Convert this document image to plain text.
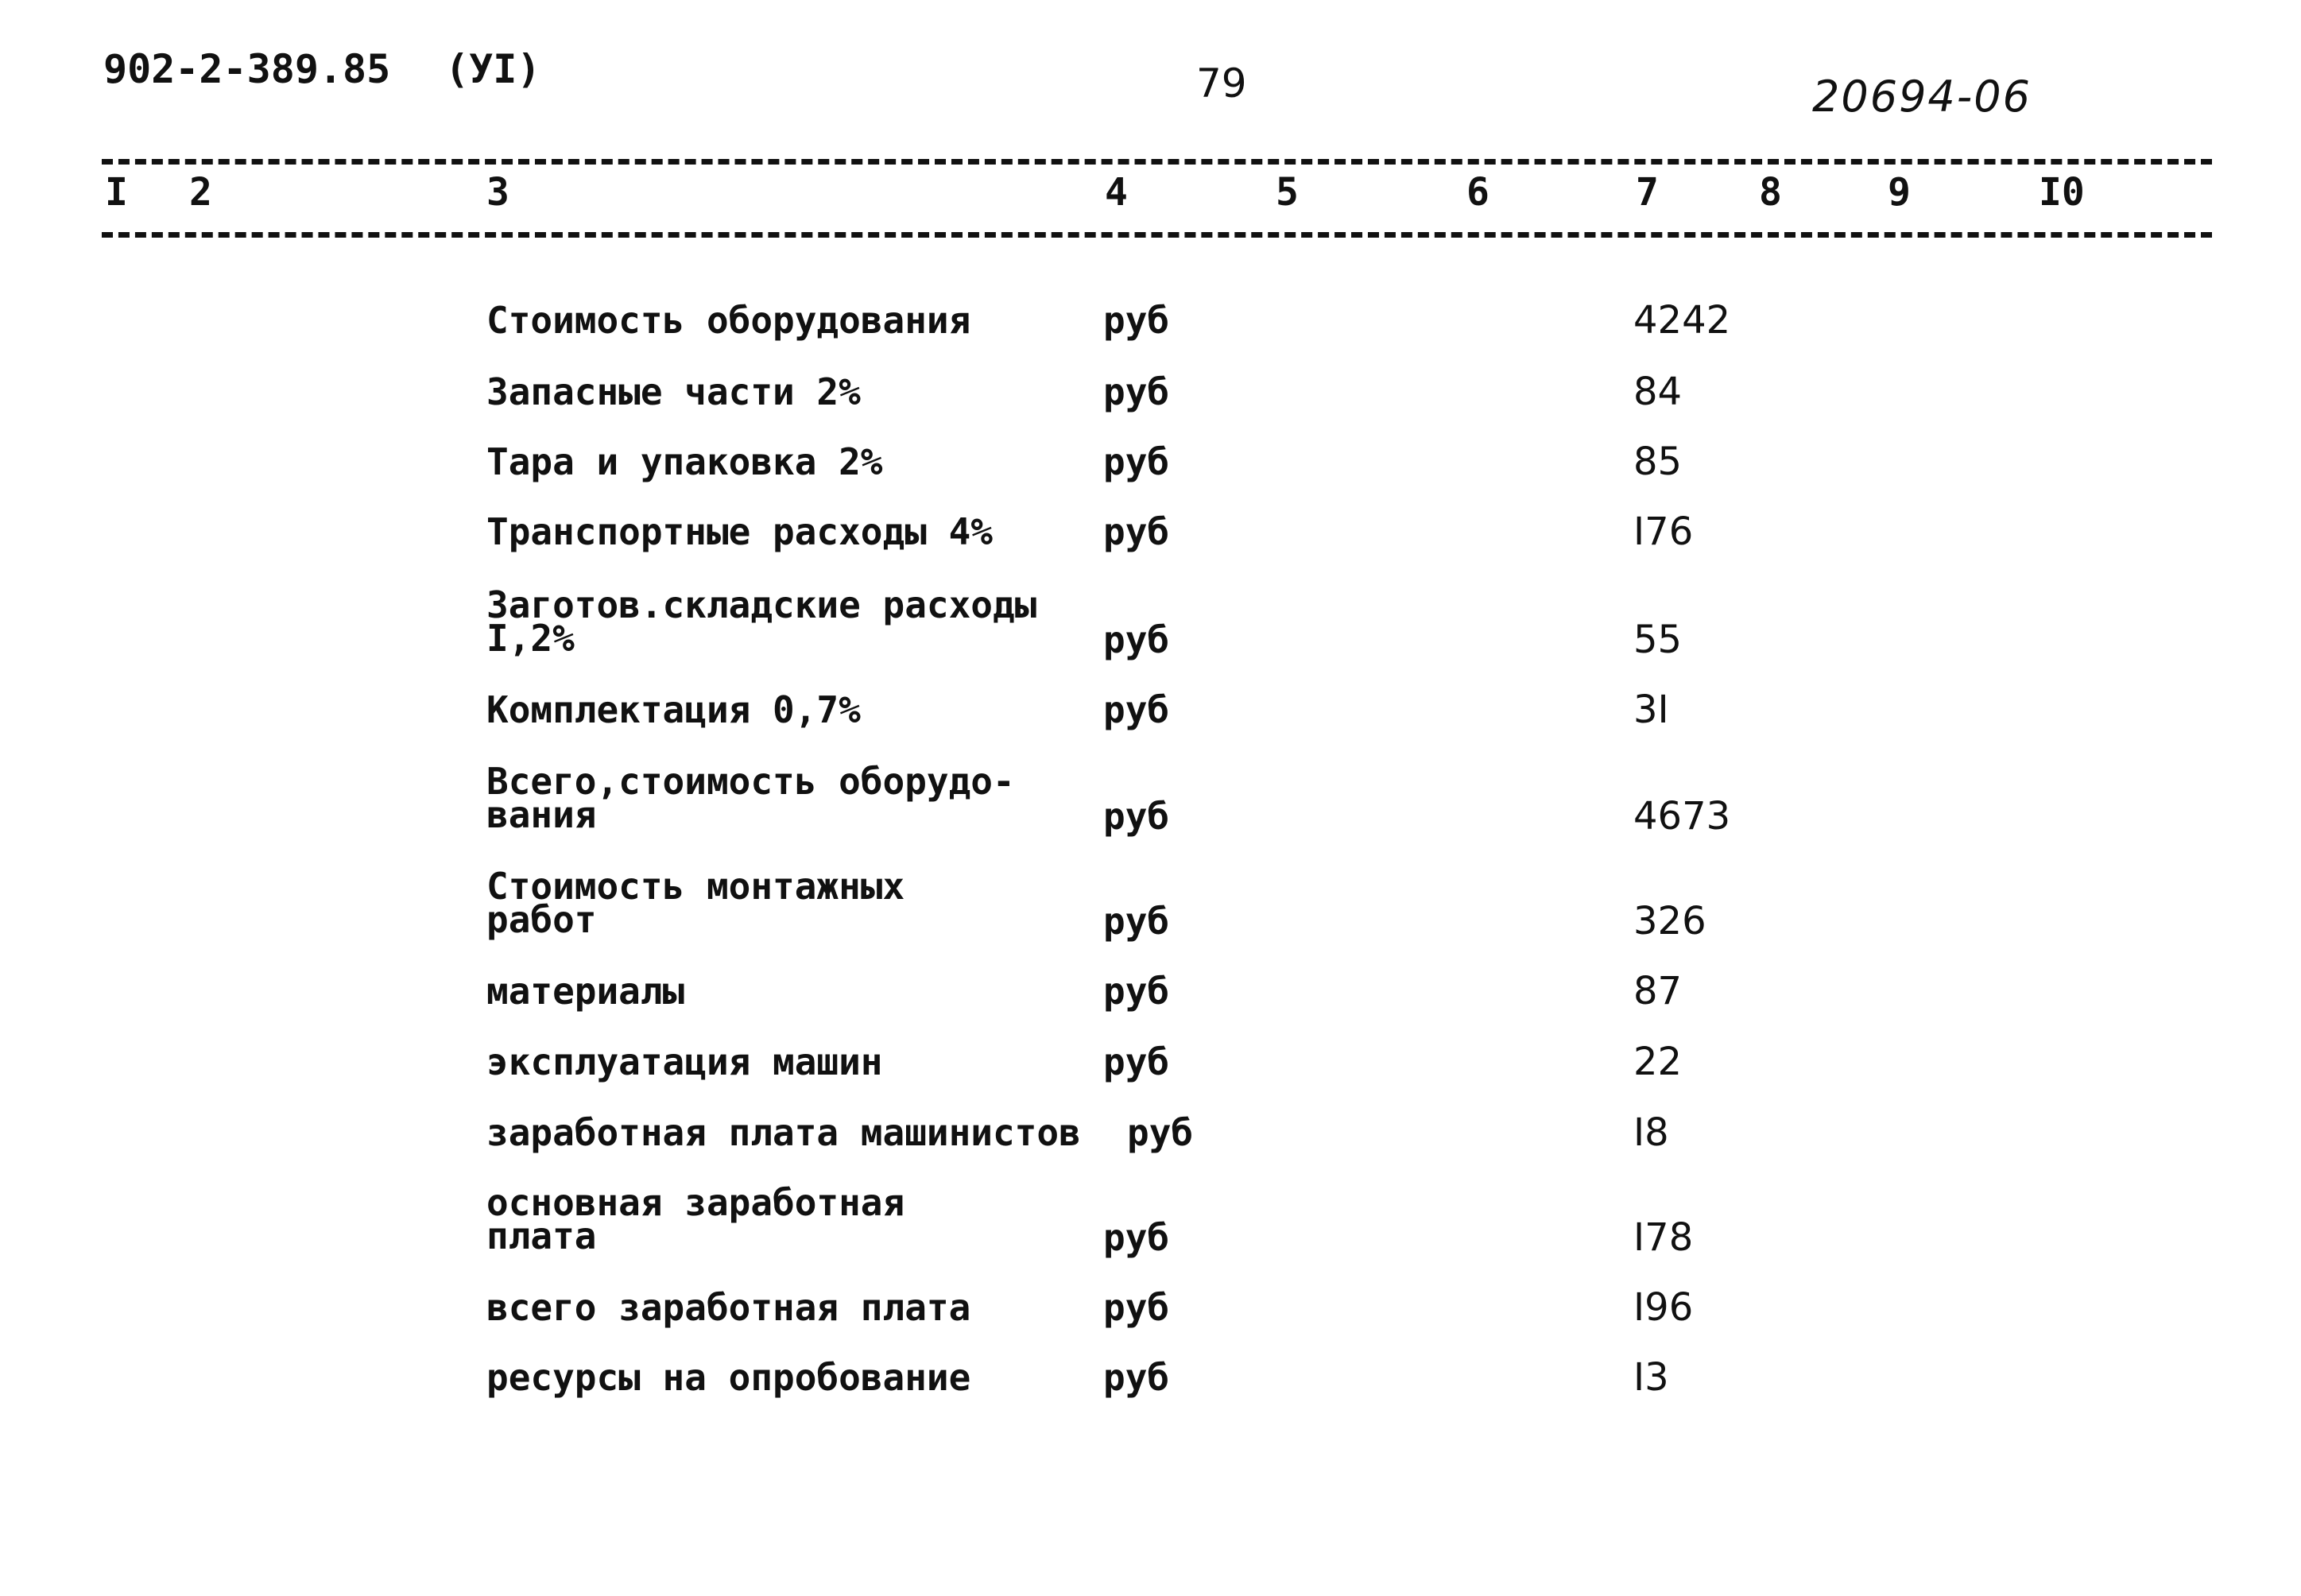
902-2-389.85 (УI)	79	20694-06
I 2	3	4	5	6	7	8	9	I0
Стоимость оборудования	руб	4242
Запасные части 2%	руб	84
Тара и упаковка 2%	руб	85
Транспортные расходы 4%	руб	I76
Заготов.складские расходы
I,2%	руб	55
Комплектация 0,7%	руб	3I
Всего,стоимость оборудо-
вания	руб	4673
Стоимость монтажных
работ	руб	326
материалы	руб	87
эксплуатация машин	руб	22
заработная плата машинистов руб	I8
основная заработная
плата	руб	I78
всего заработная плата	руб	I96
ресурсы на опробование	руб	I3
